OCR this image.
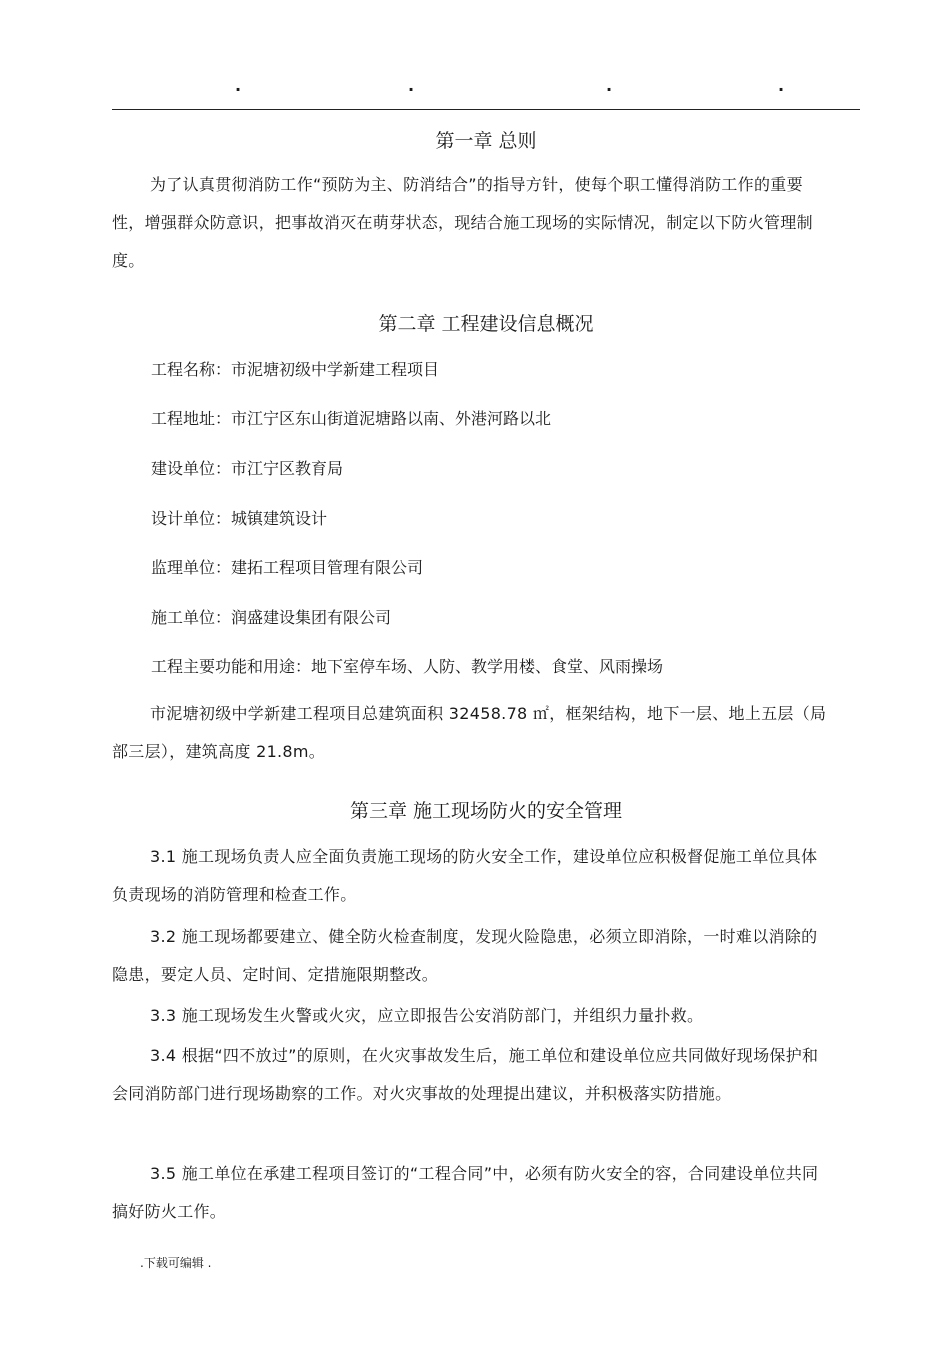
.	.	.	.
第一章 总则
为了认真贯彻消防工作“预防为主、防消结合”的指导方针，使每个职工懂得消防工作的重要性，增强群众防意识，把事故消灭在萌芽状态，现结合施工现场的实际情况，制定以下防火管理制度。
第二章 工程建设信息概况
工程名称：市泥塘初级中学新建工程项目
工程地址：市江宁区东山街道泥塘路以南、外港河路以北
建设单位：市江宁区教育局
设计单位：城镇建筑设计
监理单位：建拓工程项目管理有限公司
施工单位：润盛建设集团有限公司
工程主要功能和用途：地下室停车场、人防、教学用楼、食堂、风雨操场
市泥塘初级中学新建工程项目总建筑面积 32458.78 ㎡，框架结构，地下一层、地上五层（局部三层），建筑高度 21.8m。
第三章 施工现场防火的安全管理
3.1 施工现场负责人应全面负责施工现场的防火安全工作，建设单位应积极督促施工单位具体负责现场的消防管理和检查工作。
3.2 施工现场都要建立、健全防火检查制度，发现火险隐患，必须立即消除，一时难以消除的隐患，要定人员、定时间、定措施限期整改。
3.3 施工现场发生火警或火灾，应立即报告公安消防部门，并组织力量扑救。
3.4 根据“四不放过”的原则，在火灾事故发生后，施工单位和建设单位应共同做好现场保护和会同消防部门进行现场勘察的工作。对火灾事故的处理提出建议，并积极落实防措施。
3.5 施工单位在承建工程项目签订的“工程合同”中，必须有防火安全的容，合同建设单位共同搞好防火工作。
.下载可编辑 .
